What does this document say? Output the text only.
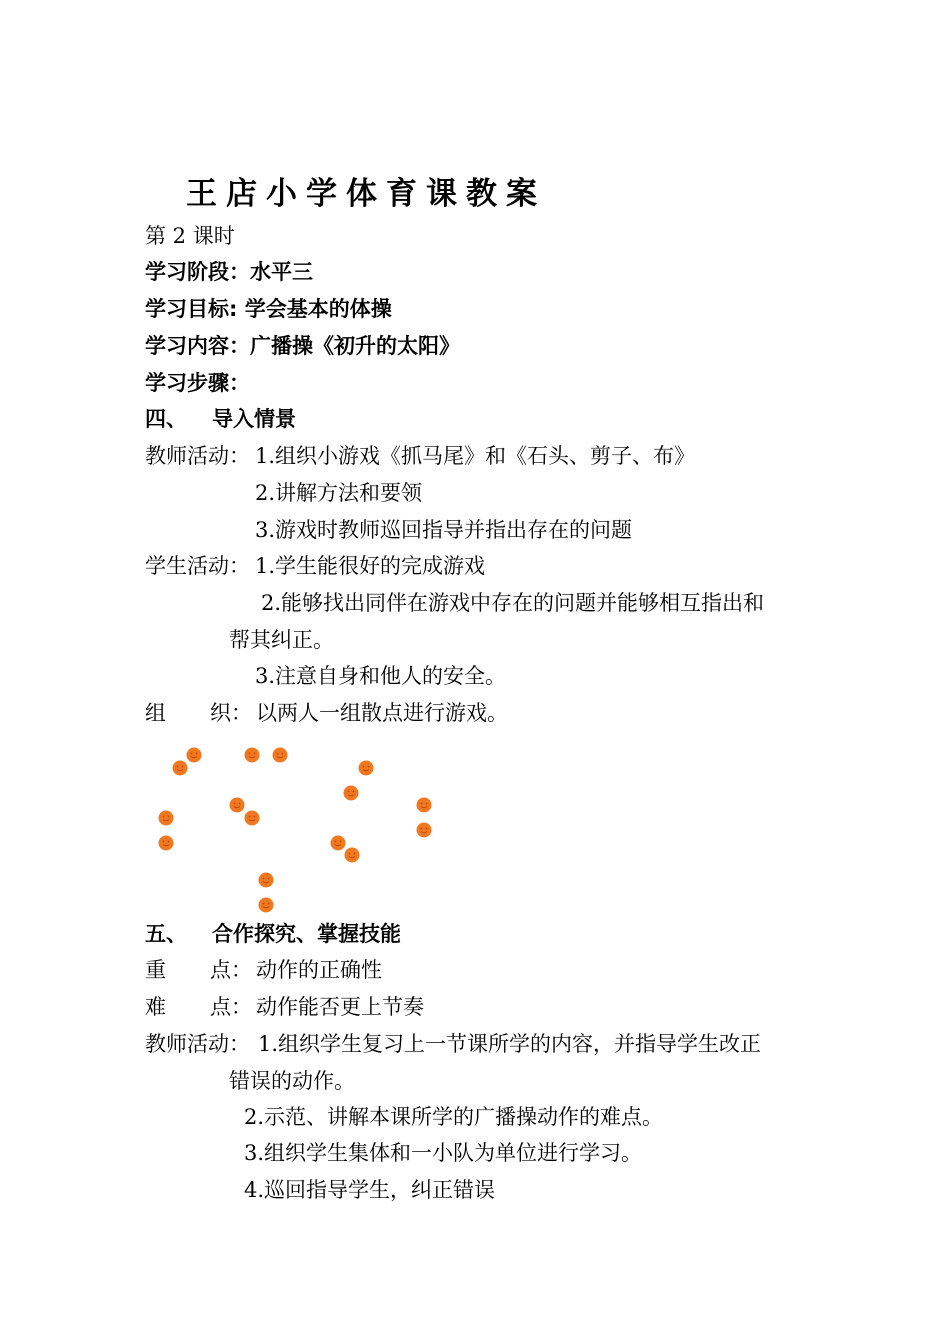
王店小学体育课教案
第 2 课时
学习阶段：水平三
学习目标: 学会基本的体操
学习内容：广播操《初升的太阳》
学习步骤：
四、 导入情景
教师活动： 1.组织小游戏《抓马尾》和《石头、剪子、布》
2.讲解方法和要领
3.游戏时教师巡回指导并指出存在的问题
学生活动： 1.学生能很好的完成游戏
2.能够找出同伴在游戏中存在的问题并能够相互指出和
帮其纠正。
3.注意自身和他人的安全。
组 织： 以两人一组散点进行游戏。
五、 合作探究、掌握技能
重 点： 动作的正确性
难 点： 动作能否更上节奏
教师活动： 1.组织学生复习上一节课所学的内容，并指导学生改正
错误的动作。
2.示范、讲解本课所学的广播操动作的难点。
3.组织学生集体和一小队为单位进行学习。
4.巡回指导学生，纠正错误
